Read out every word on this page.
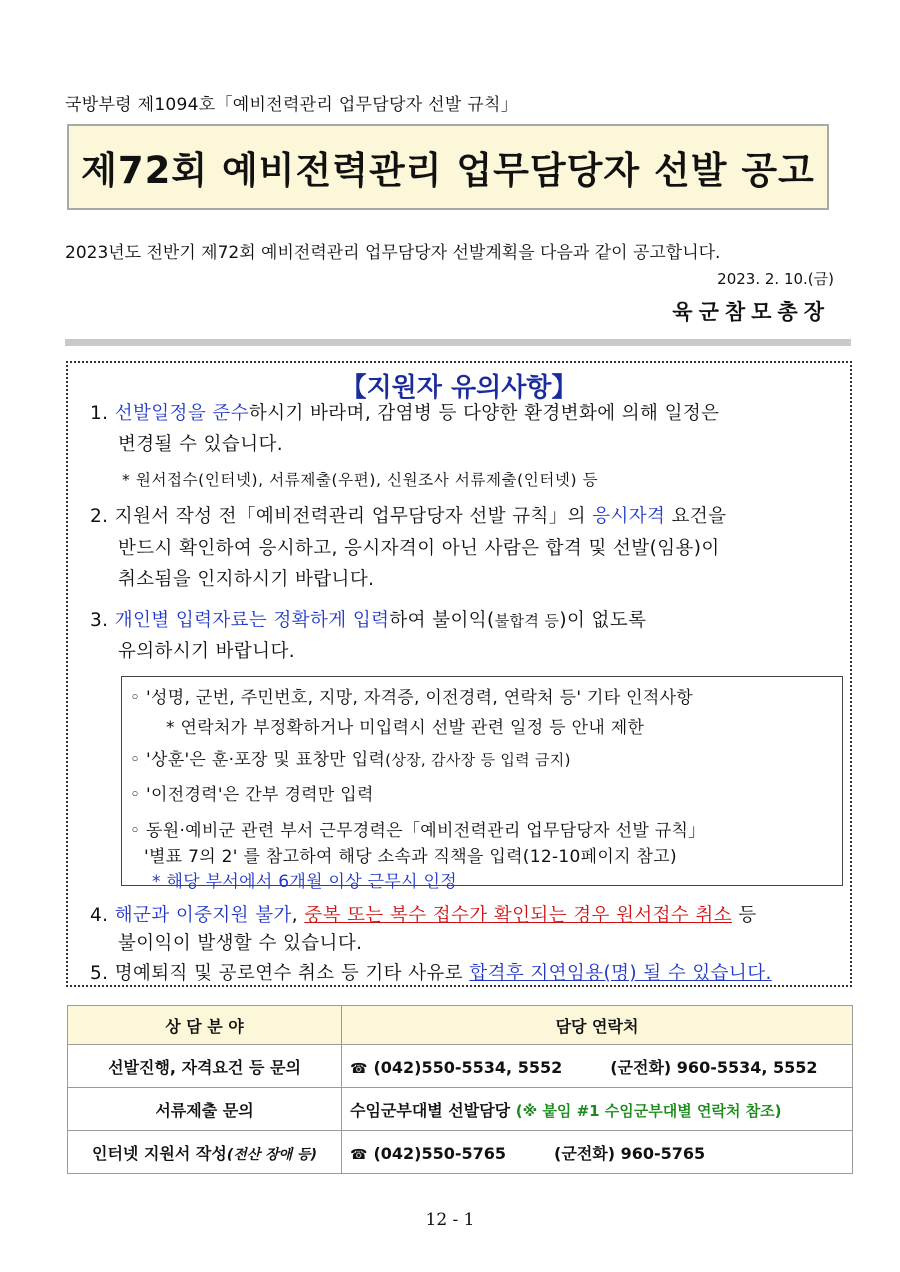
국방부령 제1094호「예비전력관리 업무담당자 선발 규칙」
제72회 예비전력관리 업무담당자 선발 공고
2023년도 전반기 제72회 예비전력관리 업무담당자 선발계획을 다음과 같이 공고합니다.
2023. 2. 10.(금)
육군참모총장
【지원자 유의사항】
1. 선발일정을 준수하시기 바라며, 감염병 등 다양한 환경변화에 의해 일정은
변경될 수 있습니다.
* 원서접수(인터넷), 서류제출(우편), 신원조사 서류제출(인터넷) 등
2. 지원서 작성 전「예비전력관리 업무담당자 선발 규칙」의 응시자격 요건을
반드시 확인하여 응시하고, 응시자격이 아닌 사람은 합격 및 선발(임용)이
취소됨을 인지하시기 바랍니다.
3. 개인별 입력자료는 정확하게 입력하여 불이익(불합격 등)이 없도록
유의하시기 바랍니다.
◦ '성명, 군번, 주민번호, 지망, 자격증, 이전경력, 연락처 등' 기타 인적사항
* 연락처가 부정확하거나 미입력시 선발 관련 일정 등 안내 제한
◦ '상훈'은 훈·포장 및 표창만 입력(상장, 감사장 등 입력 금지)
◦ '이전경력'은 간부 경력만 입력
◦ 동원·예비군 관련 부서 근무경력은「예비전력관리 업무담당자 선발 규칙」
'별표 7의 2' 를 참고하여 해당 소속과 직책을 입력(12-10페이지 참고)
* 해당 부서에서 6개월 이상 근무시 인정
4. 해군과 이중지원 불가, 중복 또는 복수 접수가 확인되는 경우 원서접수 취소 등
불이익이 발생할 수 있습니다.
5. 명예퇴직 및 공로연수 취소 등 기타 사유로 합격후 지연임용(명) 될 수 있습니다.
상 담 분 야	담당 연락처
선발진행, 자격요건 등 문의	☎ (042)550-5534, 5552 (군전화) 960-5534, 5552
서류제출 문의	수임군부대별 선발담당 (※ 붙임 #1 수임군부대별 연락처 참조)
인터넷 지원서 작성(전산 장애 등)	☎ (042)550-5765 (군전화) 960-5765
12 - 1
